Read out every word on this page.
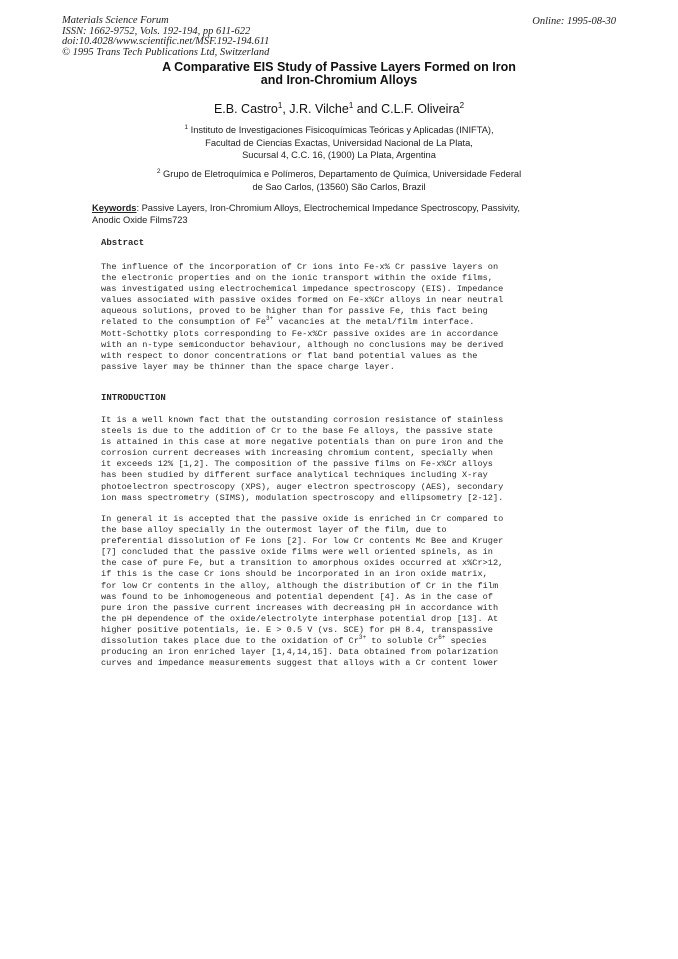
Materials Science Forum
ISSN: 1662-9752, Vols. 192-194, pp 611-622
doi:10.4028/www.scientific.net/MSF.192-194.611
© 1995 Trans Tech Publications Ltd, Switzerland
Online: 1995-08-30
A Comparative EIS Study of Passive Layers Formed on Iron
and Iron-Chromium Alloys
E.B. Castro$^1$, J.R. Vilche$^1$ and C.L.F. Oliveira$^2$
$^1$ Instituto de Investigaciones Fisicoquímicas Teóricas y Aplicadas (INIFTA),
Facultad de Ciencias Exactas, Universidad Nacional de La Plata,
Sucursal 4, C.C. 16, (1900) La Plata, Argentina
$^2$ Grupo de Eletroquímica e Polímeros, Departamento de Química, Universidade Federal
de Sao Carlos, (13560) São Carlos, Brazil
Keywords: Passive Layers, Iron-Chromium Alloys, Electrochemical Impedance Spectroscopy, Passivity, Anodic Oxide Films723
Abstract
The influence of the incorporation of Cr ions into Fe-x% Cr passive layers on
the electronic properties and on the ionic transport within the oxide films,
was investigated using electrochemical impedance spectroscopy (EIS). Impedance
values associated with passive oxides formed on Fe-x%Cr alloys in near neutral
aqueous solutions, proved to be higher than for passive Fe, this fact being
related to the consumption of $Fe^{3+}$ vacancies at the metal/film interface.
Mott-Schottky plots corresponding to Fe-x%Cr passive oxides are in accordance
with an n-type semiconductor behaviour, although no conclusions may be derived
with respect to donor concentrations or flat band potential values as the
passive layer may be thinner than the space charge layer.
INTRODUCTION
It is a well known fact that the outstanding corrosion resistance of stainless
steels is due to the addition of Cr to the base Fe alloys, the passive state
is attained in this case at more negative potentials than on pure iron and the
corrosion current decreases with increasing chromium content, specially when
it exceeds 12% [1,2]. The composition of the passive films on Fe-x%Cr alloys
has been studied by different surface analytical techniques including X-ray
photoelectron spectroscopy (XPS), auger electron spectroscopy (AES), secondary
ion mass spectrometry (SIMS), modulation spectroscopy and ellipsometry [2-12].
In general it is accepted that the passive oxide is enriched in Cr compared to
the base alloy specially in the outermost layer of the film, due to
preferential dissolution of Fe ions [2]. For low Cr contents Mc Bee and Kruger
[7] concluded that the passive oxide films were well oriented spinels, as in
the case of pure Fe, but a transition to amorphous oxides occurred at x%Cr>12,
if this is the case Cr ions should be incorporated in an iron oxide matrix,
for low Cr contents in the alloy, although the distribution of Cr in the film
was found to be inhomogeneous and potential dependent [4]. As in the case of
pure iron the passive current increases with decreasing pH in accordance with
the pH dependence of the oxide/electrolyte interphase potential drop [13]. At
higher positive potentials, ie. E > 0.5 V (vs. SCE) for pH 8.4, transpassive
dissolution takes place due to the oxidation of $Cr^{3+}$ to soluble $Cr^{6+}$ species
producing an iron enriched layer [1,4,14,15]. Data obtained from polarization
curves and impedance measurements suggest that alloys with a Cr content lower
